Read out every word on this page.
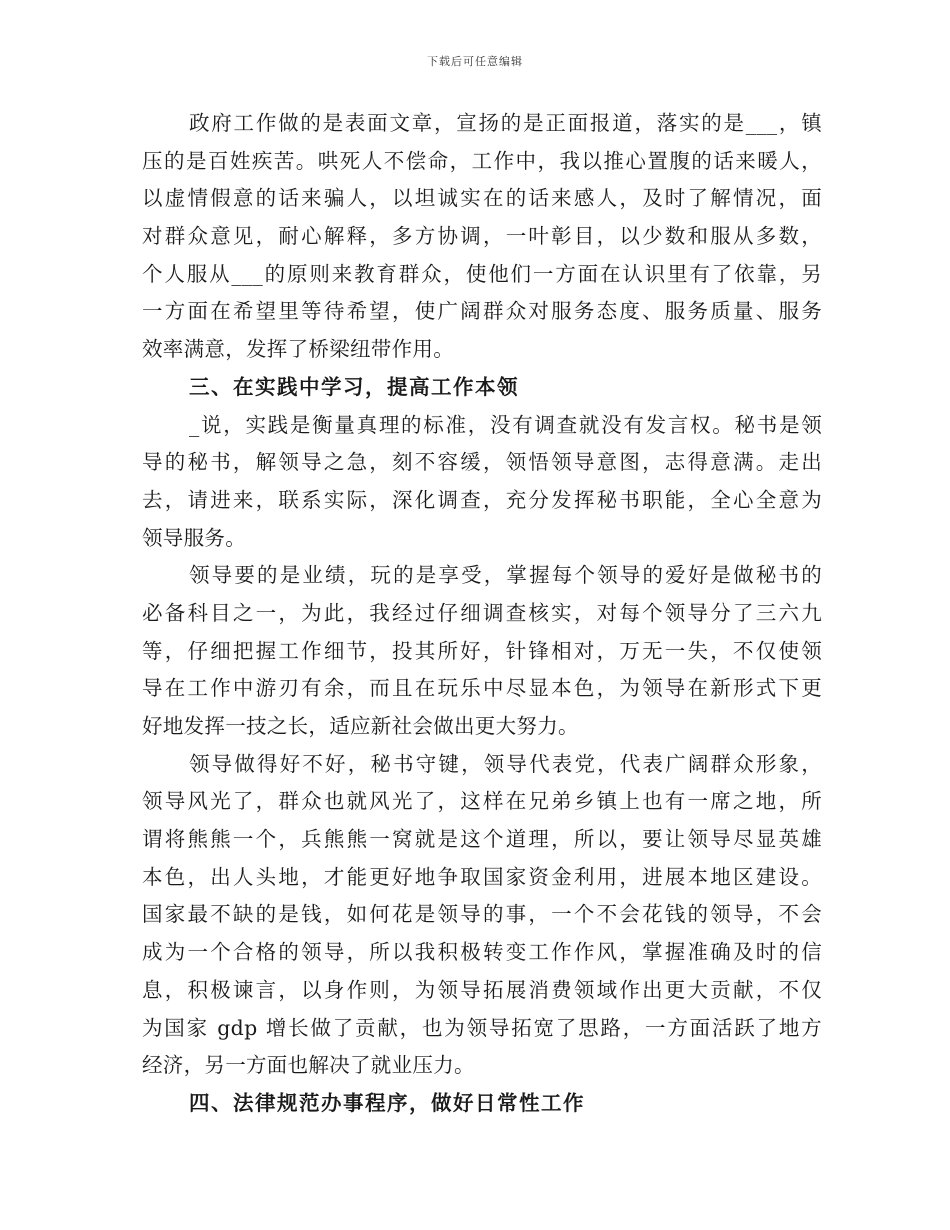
下载后可任意编辑
政府工作做的是表面文章，宣扬的是正面报道，落实的是___，镇
压的是百姓疾苦。哄死人不偿命，工作中，我以推心置腹的话来暖人，
以虚情假意的话来骗人，以坦诚实在的话来感人，及时了解情况，面
对群众意见，耐心解释，多方协调，一叶彰目，以少数和服从多数，
个人服从___的原则来教育群众，使他们一方面在认识里有了依靠，另
一方面在希望里等待希望，使广阔群众对服务态度、服务质量、服务
效率满意，发挥了桥梁纽带作用。
三、在实践中学习，提高工作本领
_说，实践是衡量真理的标准，没有调查就没有发言权。秘书是领
导的秘书，解领导之急，刻不容缓，领悟领导意图，志得意满。走出
去，请进来，联系实际，深化调查，充分发挥秘书职能，全心全意为
领导服务。
领导要的是业绩，玩的是享受，掌握每个领导的爱好是做秘书的
必备科目之一，为此，我经过仔细调查核实，对每个领导分了三六九
等，仔细把握工作细节，投其所好，针锋相对，万无一失，不仅使领
导在工作中游刃有余，而且在玩乐中尽显本色，为领导在新形式下更
好地发挥一技之长，适应新社会做出更大努力。
领导做得好不好，秘书守键，领导代表党，代表广阔群众形象，
领导风光了，群众也就风光了，这样在兄弟乡镇上也有一席之地，所
谓将熊熊一个，兵熊熊一窝就是这个道理，所以，要让领导尽显英雄
本色，出人头地，才能更好地争取国家资金利用，进展本地区建设。
国家最不缺的是钱，如何花是领导的事，一个不会花钱的领导，不会
成为一个合格的领导，所以我积极转变工作作风，掌握准确及时的信
息，积极谏言，以身作则，为领导拓展消费领域作出更大贡献，不仅
为国家 gdp 增长做了贡献，也为领导拓宽了思路，一方面活跃了地方
经济，另一方面也解决了就业压力。
四、法律规范办事程序，做好日常性工作
